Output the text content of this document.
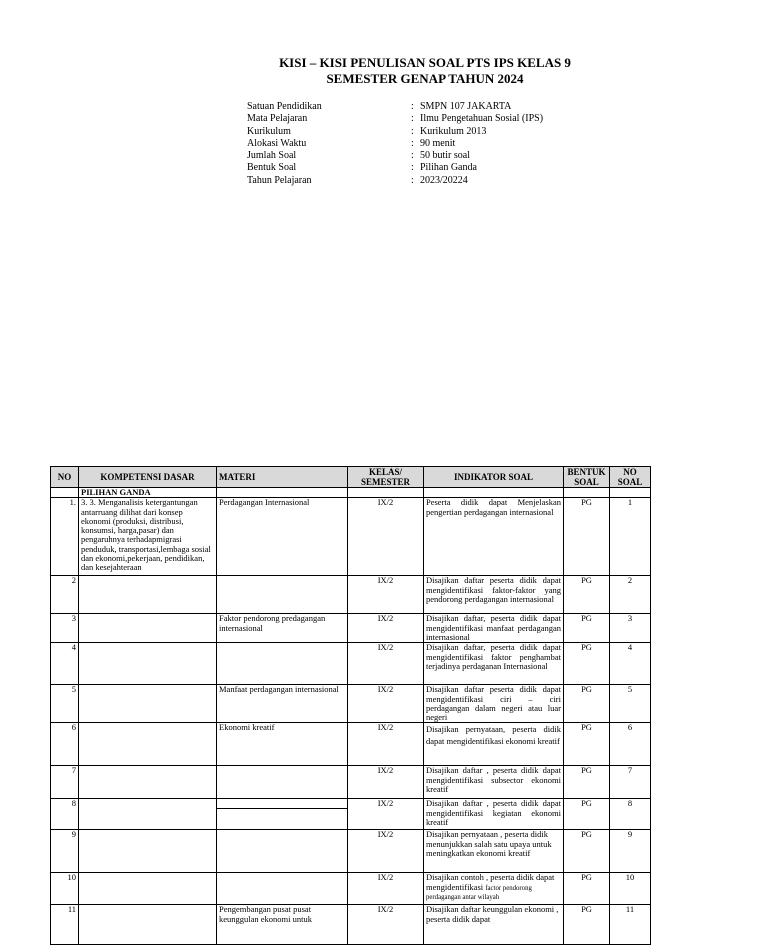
KISI – KISI PENULISAN SOAL PTS IPS KELAS 9
SEMESTER GENAP TAHUN 2024
Satuan Pendidikan	: SMPN 107 JAKARTA
Mata Pelajaran	: Ilmu Pengetahuan Sosial (IPS)
Kurikulum	: Kurikulum 2013
Alokasi Waktu	: 90 menit
Jumlah Soal	: 50 butir soal
Bentuk Soal	: Pilihan Ganda
Tahun Pelajaran	: 2023/20224
NO	KOMPETENSI DASAR	MATERI	KELAS/ SEMESTER	INDIKATOR SOAL	BENTUK SOAL	NO SOAL
	PILIHAN GANDA					
1.	3. 3. Menganalisis ketergantungan antarruang dilihat dari konsep ekonomi (produksi, distribusi, konsumsi, harga,pasar) dan pengaruhnya terhadapmigrasi penduduk, transportasi,lembaga sosial dan ekonomi,pekerjaan, pendidikan, dan kesejahteraan	Perdagangan Internasional	IX/2	Peserta didik dapat Menjelaskan pengertian perdagangan internasional	PG	1
2			IX/2	Disajikan daftar peserta didik dapat mengidentifikasi faktor-faktor yang pendorong perdagangan internasional	PG	2
3		Faktor pendorong predagangan internasional	IX/2	Disajikan daftar, peserta didik dapat mengidentifikasi manfaat perdagangan internasional	PG	3
4			IX/2	Disajikan daftar, peserta didik dapat mengidentifikasi faktor penghambat terjadinya perdaganan Internasional	PG	4
5		Manfaat perdagangan internasional	IX/2	Disajikan daftar peserta didik dapat mengidentifikasi ciri – ciri perdagangan dalam negeri atau luar negeri	PG	5
6		Ekonomi kreatif	IX/2	Disajikan pernyataan, peserta didik dapat mengidentifikasi ekonomi kreatif	PG	6
7			IX/2	Disajikan daftar , peserta didik dapat mengidentifikasi subsector ekonomi kreatif	PG	7
8			IX/2	Disajikan daftar , peserta didik dapat mengidentifikasi kegiatan ekonomi kreatif	PG	8
9			IX/2	Disajikan pernyataan , peserta didik menunjukkan salah satu upaya untuk meningkatkan ekonomi kreatif	PG	9
10			IX/2	Disajikan contoh , peserta didik dapat mengidentifikasi factor pendorong perdagangan antar wilayah	PG	10
11		Pengembangan pusat pusat keunggulan ekonomi untuk	IX/2	Disajikan daftar keunggulan ekonomi , peserta didik dapat	PG	11
